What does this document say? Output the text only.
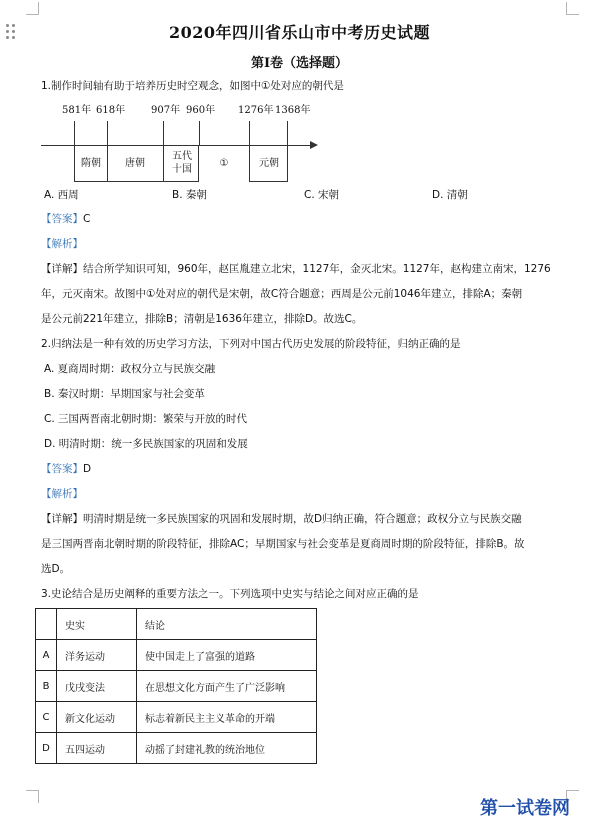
2020年四川省乐山市中考历史试题
第Ⅰ卷（选择题）
1.制作时间轴有助于培养历史时空观念，如图中①处对应的朝代是
581年 618年	907年 960年 1276年 1368年
隋朝	唐朝
五代十国
①	元朝
A. 西周	B. 秦朝	C. 宋朝	D. 清朝
【答案】C
【解析】
【详解】结合所学知识可知，960年，赵匡胤建立北宋，1127年，金灭北宋。1127年，赵构建立南宋，1276
年，元灭南宋。故图中①处对应的朝代是宋朝，故C符合题意；西周是公元前1046年建立，排除A；秦朝
是公元前221年建立，排除B；清朝是1636年建立，排除D。故选C。
2.归纳法是一种有效的历史学习方法，下列对中国古代历史发展的阶段特征，归纳正确的是
A. 夏商周时期：政权分立与民族交融
B. 秦汉时期：早期国家与社会变革
C. 三国两晋南北朝时期：繁荣与开放的时代
D. 明清时期：统一多民族国家的巩固和发展
【答案】D
【解析】
【详解】明清时期是统一多民族国家的巩固和发展时期，故D归纳正确，符合题意；政权分立与民族交融
是三国两晋南北朝时期的阶段特征，排除AC；早期国家与社会变革是夏商周时期的阶段特征，排除B。故
选D。
3.史论结合是历史阐释的重要方法之一。下列选项中史实与结论之间对应正确的是
	史实	结论
A	洋务运动	使中国走上了富强的道路
B	戊戌变法	在思想文化方面产生了广泛影响
C	新文化运动	标志着新民主主义革命的开端
D	五四运动	动摇了封建礼教的统治地位
第一试卷网
